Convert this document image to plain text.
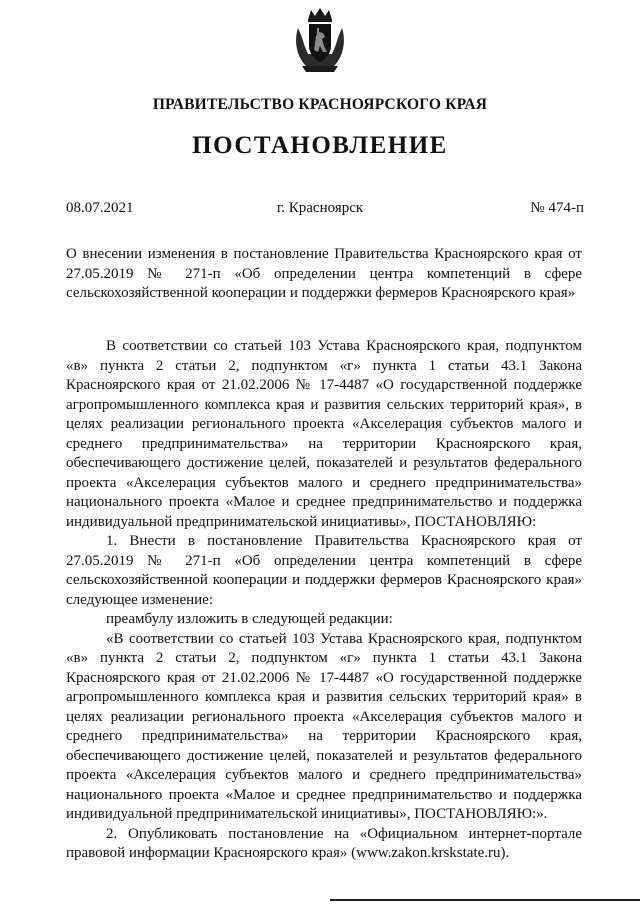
ПРАВИТЕЛЬСТВО КРАСНОЯРСКОГО КРАЯ
ПОСТАНОВЛЕНИЕ
08.07.2021	г. Красноярск	№ 474-п
О внесении изменения в постановление Правительства Красноярского края от 27.05.2019 № 271-п «Об определении центра компетенций в сфере сельскохозяйственной кооперации и поддержки фермеров Красноярского края»

В соответствии со статьей 103 Устава Красноярского края, подпунктом «в» пункта 2 статьи 2, подпунктом «г» пункта 1 статьи 43.1 Закона Красноярского края от 21.02.2006 № 17-4487 «О государственной поддержке агропромышленного комплекса края и развития сельских территорий края», в целях реализации регионального проекта «Акселерация субъектов малого и среднего предпринимательства» на территории Красноярского края, обеспечивающего достижение целей, показателей и результатов федерального проекта «Акселерация субъектов малого и среднего предпринимательства» национального проекта «Малое и среднее предпринимательство и поддержка индивидуальной предпринимательской инициативы», ПОСТАНОВЛЯЮ:

1. Внести в постановление Правительства Красноярского края от 27.05.2019 № 271-п «Об определении центра компетенций в сфере сельскохозяйственной кооперации и поддержки фермеров Красноярского края» следующее изменение:

преамбулу изложить в следующей редакции:

«В соответствии со статьей 103 Устава Красноярского края, подпунктом «в» пункта 2 статьи 2, подпунктом «г» пункта 1 статьи 43.1 Закона Красноярского края от 21.02.2006 № 17-4487 «О государственной поддержке агропромышленного комплекса края и развития сельских территорий края» в целях реализации регионального проекта «Акселерация субъектов малого и среднего предпринимательства» на территории Красноярского края, обеспечивающего достижение целей, показателей и результатов федерального проекта «Акселерация субъектов малого и среднего предпринимательства» национального проекта «Малое и среднее предпринимательство и поддержка индивидуальной предпринимательской инициативы», ПОСТАНОВЛЯЮ:».

2. Опубликовать постановление на «Официальном интернет-портале правовой информации Красноярского края» (www.zakon.krskstate.ru).
